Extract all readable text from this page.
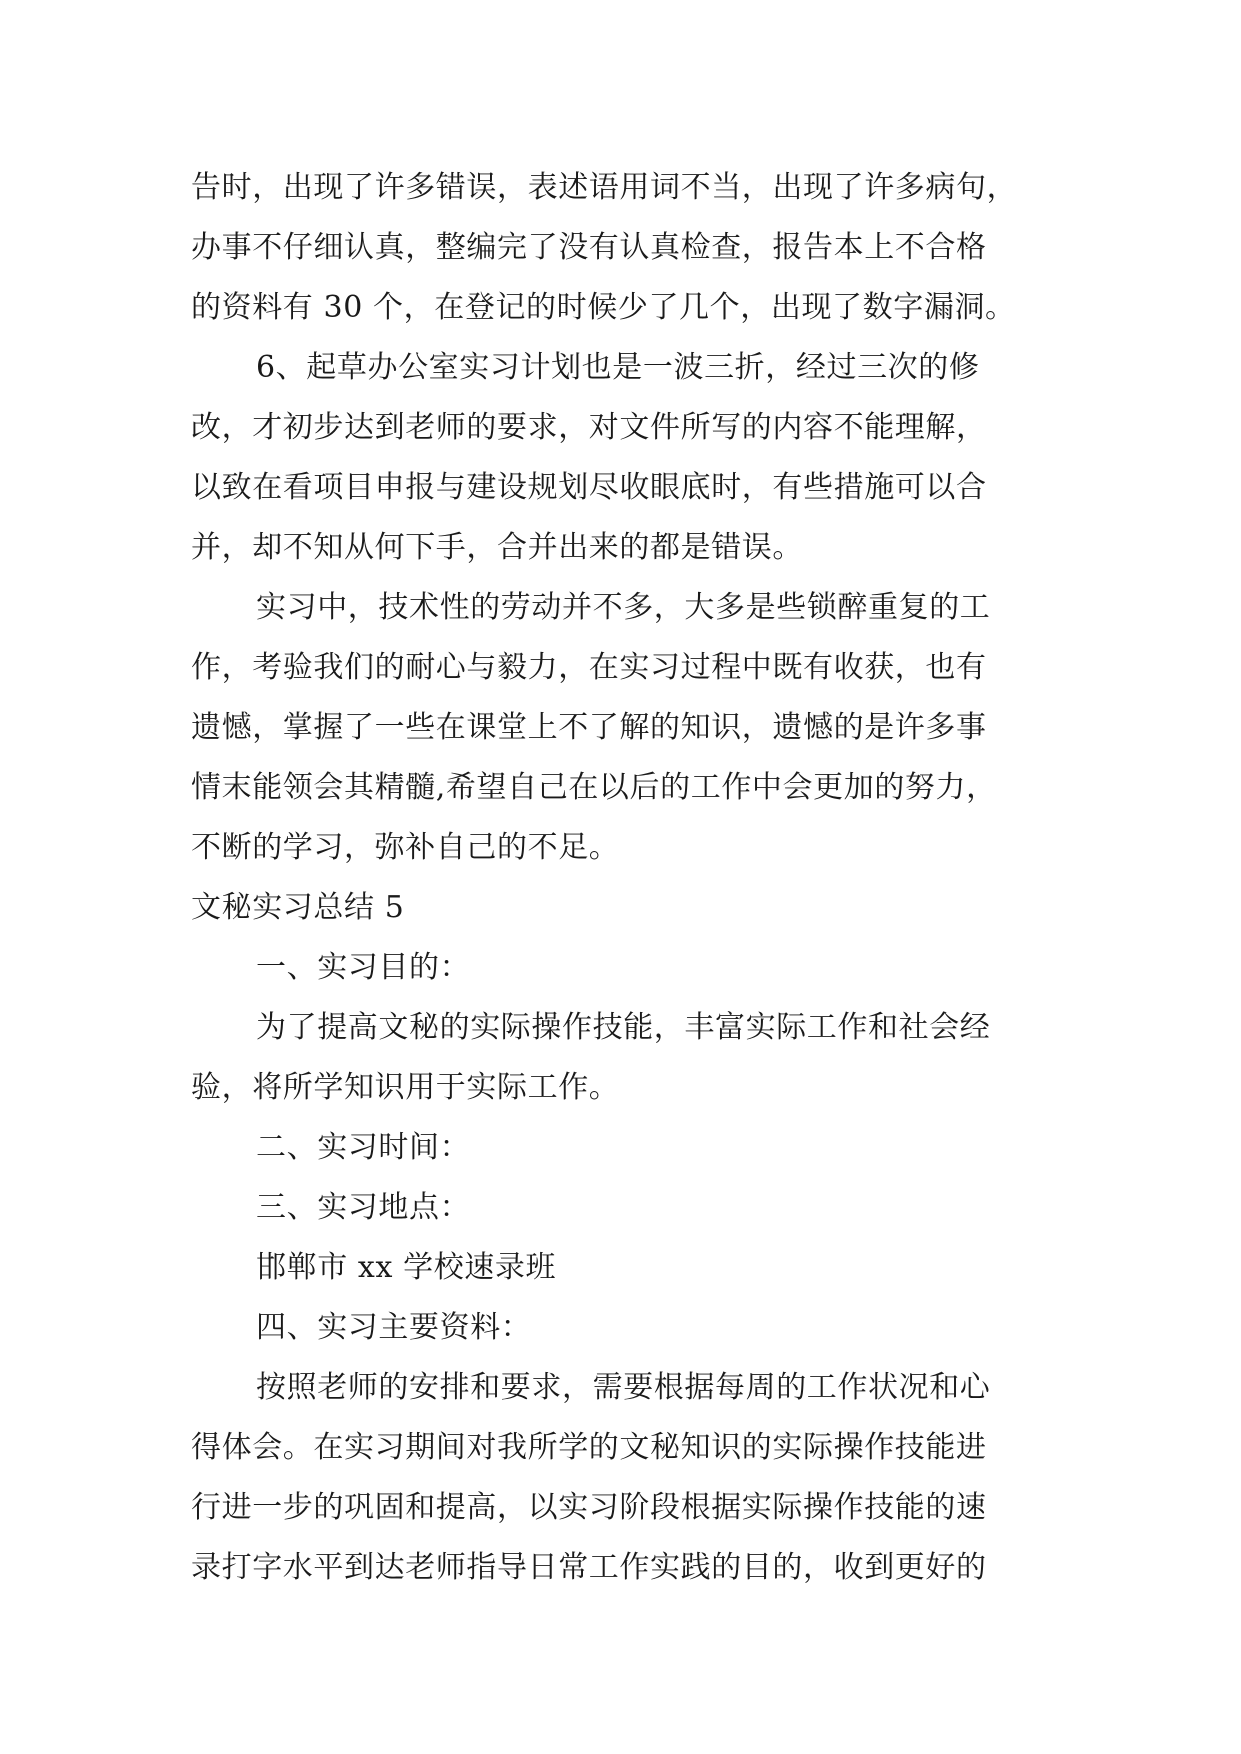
告时，出现了许多错误，表述语用词不当，出现了许多病句，
办事不仔细认真，整编完了没有认真检查，报告本上不合格
的资料有 30 个，在登记的时候少了几个，出现了数字漏洞。
6、起草办公室实习计划也是一波三折，经过三次的修
改，才初步达到老师的要求，对文件所写的内容不能理解，
以致在看项目申报与建设规划尽收眼底时，有些措施可以合
并，却不知从何下手，合并出来的都是错误。
实习中，技术性的劳动并不多，大多是些锁醉重复的工
作，考验我们的耐心与毅力，在实习过程中既有收获，也有
遗憾，掌握了一些在课堂上不了解的知识，遗憾的是许多事
情末能领会其精髓,希望自己在以后的工作中会更加的努力，
不断的学习，弥补自己的不足。
文秘实习总结 5
一、实习目的：
为了提高文秘的实际操作技能，丰富实际工作和社会经
验，将所学知识用于实际工作。
二、实习时间：
三、实习地点：
邯郸市 xx 学校速录班
四、实习主要资料：
按照老师的安排和要求，需要根据每周的工作状况和心
得体会。在实习期间对我所学的文秘知识的实际操作技能进
行进一步的巩固和提高，以实习阶段根据实际操作技能的速
录打字水平到达老师指导日常工作实践的目的，收到更好的
